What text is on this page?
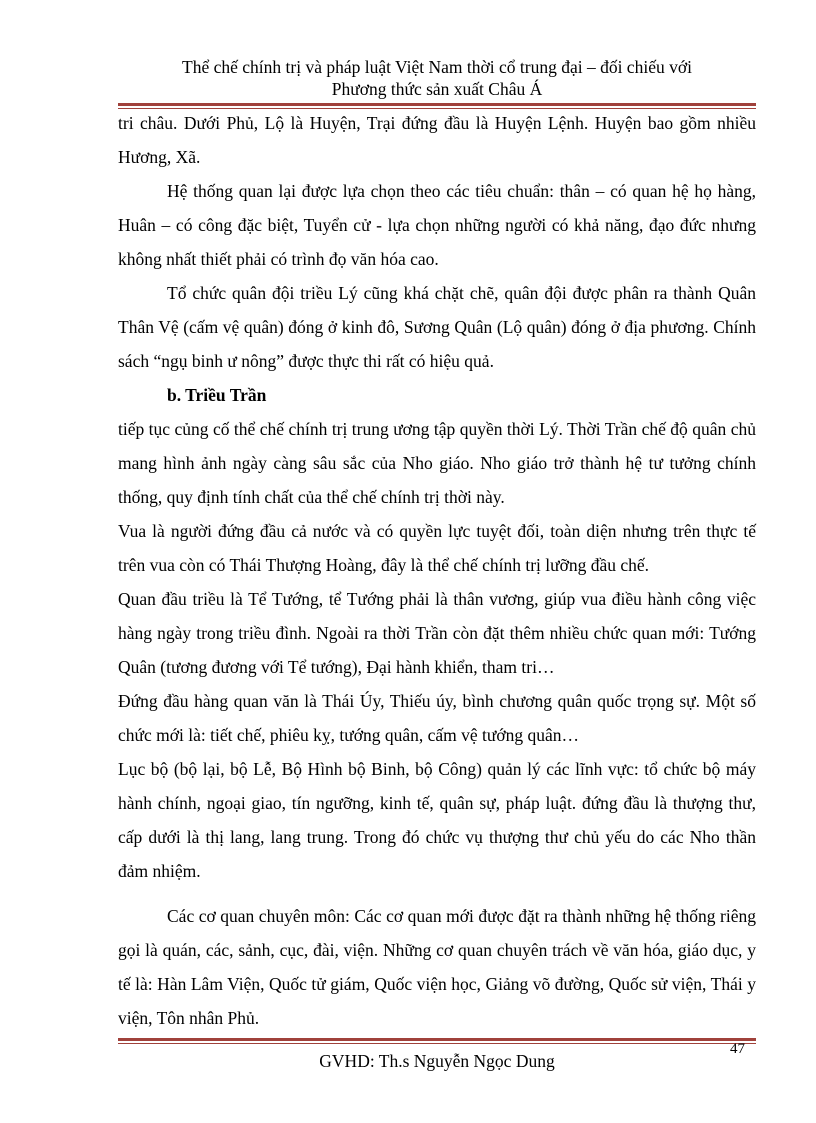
Thể chế chính trị và pháp luật Việt Nam thời cổ trung đại – đối chiếu với
Phương thức sản xuất Châu Á

tri châu. Dưới Phủ, Lộ là Huyện, Trại đứng đầu là Huyện Lệnh. Huyện bao gồm nhiều Hương, Xã.

Hệ thống quan lại được lựa chọn theo các tiêu chuẩn: thân – có quan hệ họ hàng, Huân – có công đặc biệt, Tuyển cử - lựa chọn những người có khả năng, đạo đức nhưng không nhất thiết phải có trình đọ văn hóa cao.

Tổ chức quân đội triều Lý cũng khá chặt chẽ, quân đội được phân ra thành Quân Thân Vệ (cấm vệ quân) đóng ở kinh đô, Sương Quân (Lộ quân) đóng ở địa phương. Chính sách “ngụ binh ư nông” được thực thi rất có hiệu quả.

b. Triều Trần

tiếp tục củng cố thể chế chính trị trung ương tập quyền thời Lý. Thời Trần chế độ quân chủ mang hình ảnh ngày càng sâu sắc của Nho giáo. Nho giáo trở thành hệ tư tưởng chính thống, quy định tính chất của thể chế chính trị thời này.

Vua là người đứng đầu cả nước và có quyền lực tuyệt đối, toàn diện nhưng trên thực tế trên vua còn có Thái Thượng Hoàng, đây là thể chế chính trị lưỡng đầu chế.

Quan đầu triều là Tể Tướng, tể Tướng phải là thân vương, giúp vua điều hành công việc hàng ngày trong triều đình. Ngoài ra thời Trần còn đặt thêm nhiều chức quan mới: Tướng Quân (tương đương với Tể tướng), Đại hành khiển, tham tri…

Đứng đầu hàng quan văn là Thái Úy, Thiếu úy, bình chương quân quốc trọng sự. Một số chức mới là: tiết chế, phiêu kỵ, tướng quân, cấm vệ tướng quân…

Lục bộ (bộ lại, bộ Lễ, Bộ Hình bộ Binh, bộ Công) quản lý các lĩnh vực: tổ chức bộ máy hành chính, ngoại giao, tín ngưỡng, kinh tế, quân sự, pháp luật. đứng đầu là thượng thư, cấp dưới là thị lang, lang trung. Trong đó chức vụ thượng thư chủ yếu do các Nho thần đảm nhiệm.

Các cơ quan chuyên môn: Các cơ quan mới được đặt ra thành những hệ thống riêng gọi là quán, các, sảnh, cục, đài, viện. Những cơ quan chuyên trách về văn hóa, giáo dục, y tế là: Hàn Lâm Viện, Quốc tử giám, Quốc viện học, Giảng võ đường, Quốc sử viện, Thái y viện, Tôn nhân Phủ.

47
GVHD: Th.s Nguyễn Ngọc Dung
